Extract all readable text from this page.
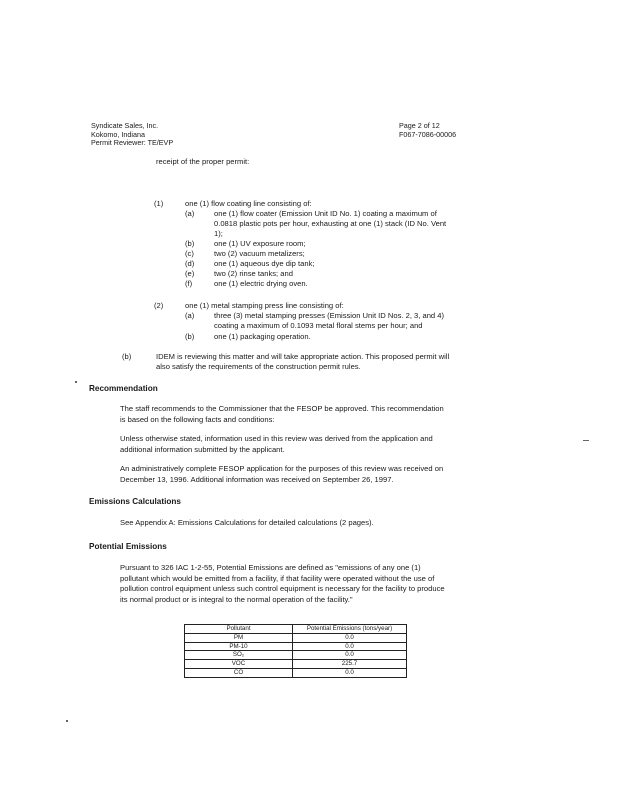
Syndicate Sales, Inc.
Kokomo, Indiana
Permit Reviewer: TE/EVP
Page 2 of 12
F067-7086-00006
receipt of the proper permit:
(1)	one (1) flow coating line consisting of:
(a)	one (1) flow coater (Emission Unit ID No. 1) coating a maximum of
0.0818 plastic pots per hour, exhausting at one (1) stack (ID No. Vent
1);
(b)	one (1) UV exposure room;
(c)	two (2) vacuum metalizers;
(d)	one (1) aqueous dye dip tank;
(e)	two (2) rinse tanks; and
(f)	one (1) electric drying oven.
(2)	one (1) metal stamping press line consisting of:
(a)	three (3) metal stamping presses (Emission Unit ID Nos. 2, 3, and 4)
coating a maximum of 0.1093 metal floral stems per hour; and
(b)	one (1) packaging operation.
(b)	IDEM is reviewing this matter and will take appropriate action. This proposed permit will
also satisfy the requirements of the construction permit rules.
Recommendation
The staff recommends to the Commissioner that the FESOP be approved. This recommendation
is based on the following facts and conditions:
Unless otherwise stated, information used in this review was derived from the application and
additional information submitted by the applicant.
An administratively complete FESOP application for the purposes of this review was received on
December 13, 1996. Additional information was received on September 26, 1997.
Emissions Calculations
See Appendix A: Emissions Calculations for detailed calculations (2 pages).
Potential Emissions
Pursuant to 326 IAC 1-2-55, Potential Emissions are defined as "emissions of any one (1)
pollutant which would be emitted from a facility, if that facility were operated without the use of
pollution control equipment unless such control equipment is necessary for the facility to produce
its normal product or is integral to the normal operation of the facility."
Pollutant	Potential Emissions (tons/year)
PM	0.0
PM-10	0.0
SO₂	0.0
VOC	225.7
CO	0.0
